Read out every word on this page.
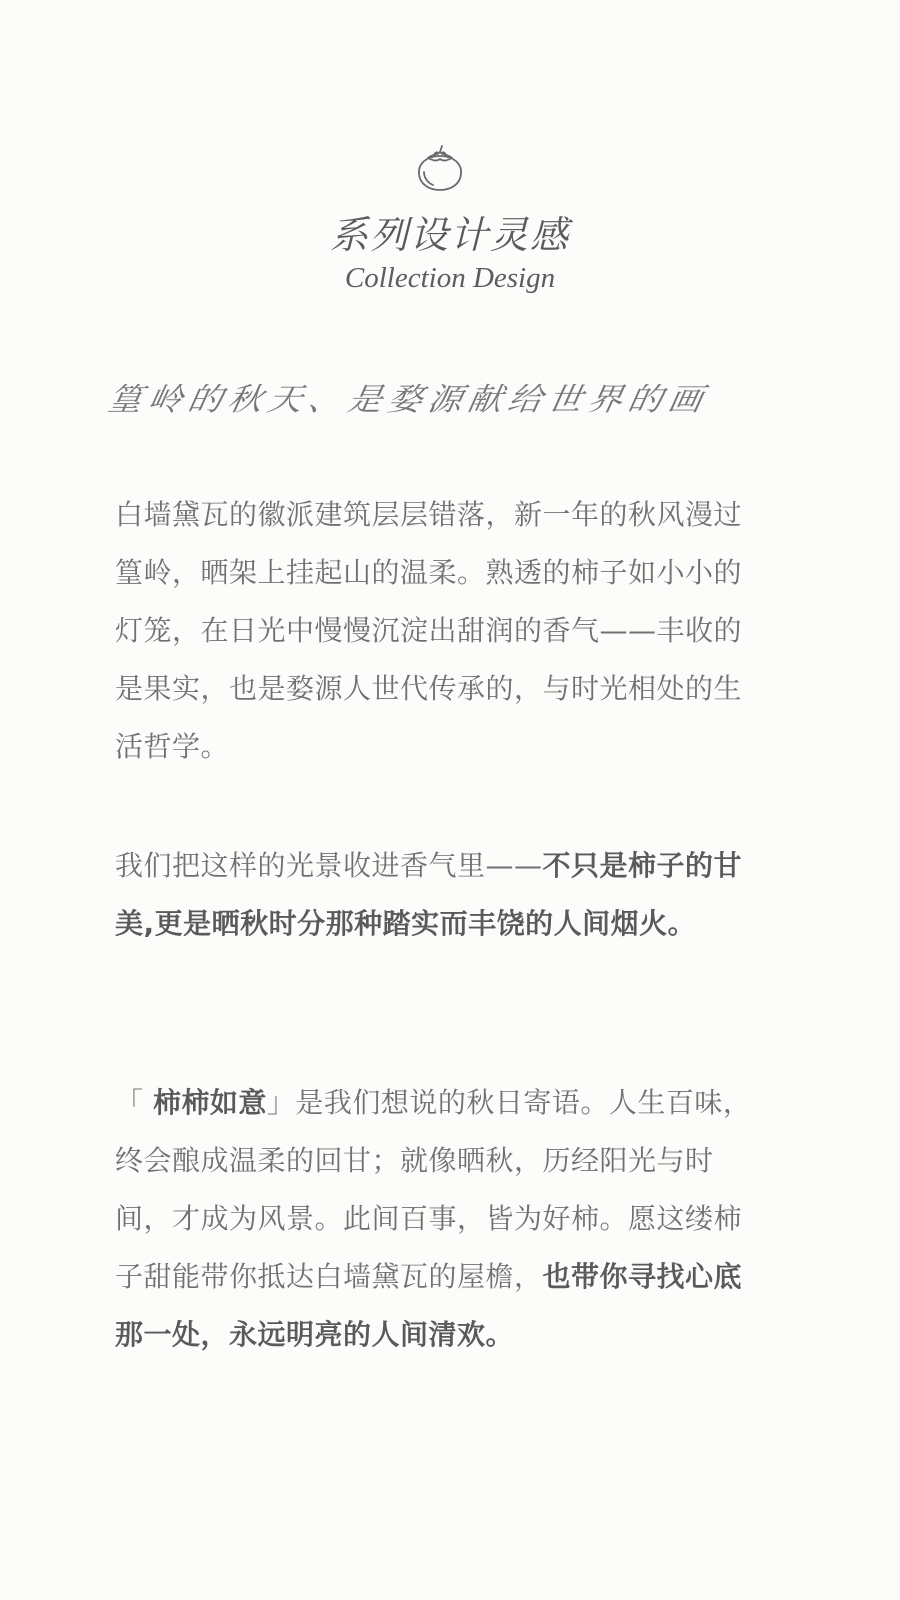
系列设计灵感
Collection Design
篁岭的秋天、是婺源献给世界的画

白墙黛瓦的徽派建筑层层错落，新一年的秋风漫过篁岭，晒架上挂起山的温柔。熟透的柿子如小小的灯笼，在日光中慢慢沉淀出甜润的香气——丰收的是果实，也是婺源人世代传承的，与时光相处的生活哲学。

我们把这样的光景收进香气里——不只是柿子的甘美,更是晒秋时分那种踏实而丰饶的人间烟火。

「 柿柿如意」是我们想说的秋日寄语。人生百味，终会酿成温柔的回甘；就像晒秋，历经阳光与时间，才成为风景。此间百事，皆为好柿。愿这缕柿子甜能带你抵达白墙黛瓦的屋檐，也带你寻找心底那一处，永远明亮的人间清欢。
